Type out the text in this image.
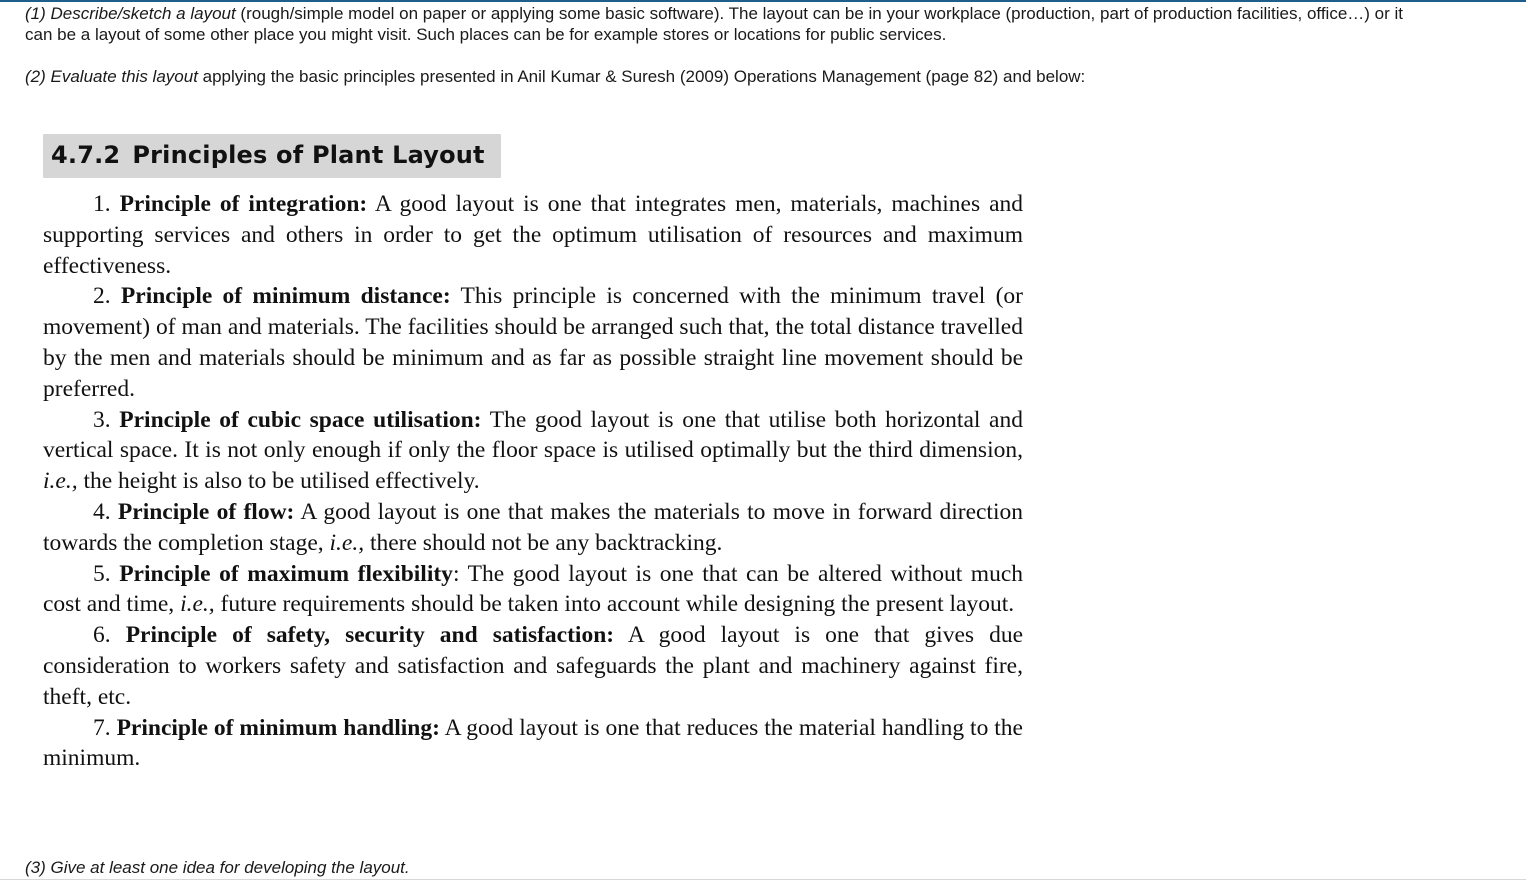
(1) Describe/sketch a layout (rough/simple model on paper or applying some basic software). The layout can be in your workplace (production, part of production facilities, office…) or it can be a layout of some other place you might visit. Such places can be for example stores or locations for public services.

(2) Evaluate this layout applying the basic principles presented in Anil Kumar & Suresh (2009) Operations Management (page 82) and below:

4.7.2 Principles of Plant Layout

1. Principle of integration: A good layout is one that integrates men, materials, machines and supporting services and others in order to get the optimum utilisation of resources and maximum effectiveness.

2. Principle of minimum distance: This principle is concerned with the minimum travel (or movement) of man and materials. The facilities should be arranged such that, the total distance travelled by the men and materials should be minimum and as far as possible straight line movement should be preferred.

3. Principle of cubic space utilisation: The good layout is one that utilise both horizontal and vertical space. It is not only enough if only the floor space is utilised optimally but the third dimension, i.e., the height is also to be utilised effectively.

4. Principle of flow: A good layout is one that makes the materials to move in forward direction towards the completion stage, i.e., there should not be any backtracking.

5. Principle of maximum flexibility: The good layout is one that can be altered without much cost and time, i.e., future requirements should be taken into account while designing the present layout.

6. Principle of safety, security and satisfaction: A good layout is one that gives due consideration to workers safety and satisfaction and safeguards the plant and machinery against fire, theft, etc.

7. Principle of minimum handling: A good layout is one that reduces the material handling to the minimum.

(3) Give at least one idea for developing the layout.
